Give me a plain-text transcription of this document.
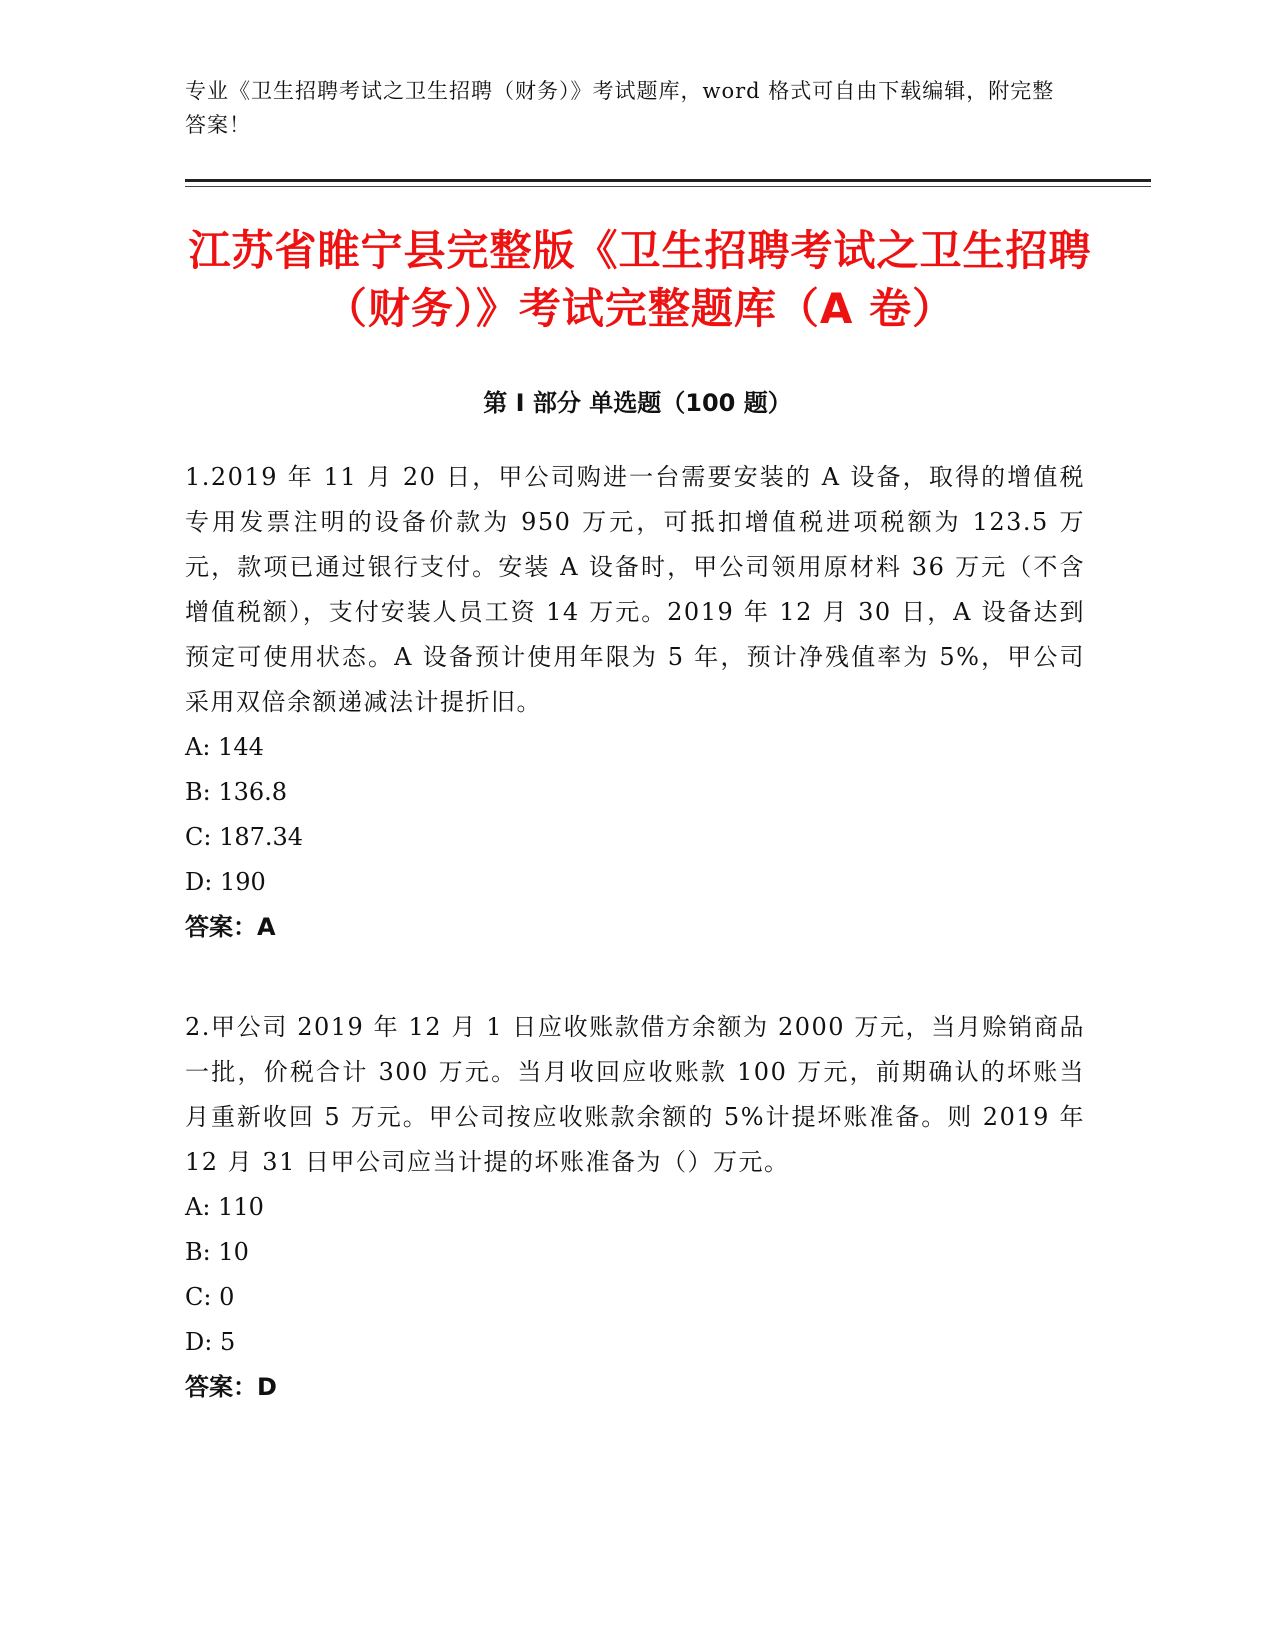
专业《卫生招聘考试之卫生招聘（财务）》考试题库，word 格式可自由下载编辑，附完整答案！
江苏省睢宁县完整版《卫生招聘考试之卫生招聘（财务）》考试完整题库（A 卷）
第 I 部分 单选题（100 题）
1.2019 年 11 月 20 日，甲公司购进一台需要安装的 A 设备，取得的增值税专用发票注明的设备价款为 950 万元，可抵扣增值税进项税额为 123.5 万元，款项已通过银行支付。安装 A 设备时，甲公司领用原材料 36 万元（不含增值税额），支付安装人员工资 14 万元。2019 年 12 月 30 日，A 设备达到预定可使用状态。A 设备预计使用年限为 5 年，预计净残值率为 5%，甲公司采用双倍余额递减法计提折旧。
A: 144
B: 136.8
C: 187.34
D: 190
答案：A
2.甲公司 2019 年 12 月 1 日应收账款借方余额为 2000 万元，当月赊销商品一批，价税合计 300 万元。当月收回应收账款 100 万元，前期确认的坏账当月重新收回 5 万元。甲公司按应收账款余额的 5%计提坏账准备。则 2019 年 12 月 31 日甲公司应当计提的坏账准备为（）万元。
A: 110
B: 10
C: 0
D: 5
答案：D
